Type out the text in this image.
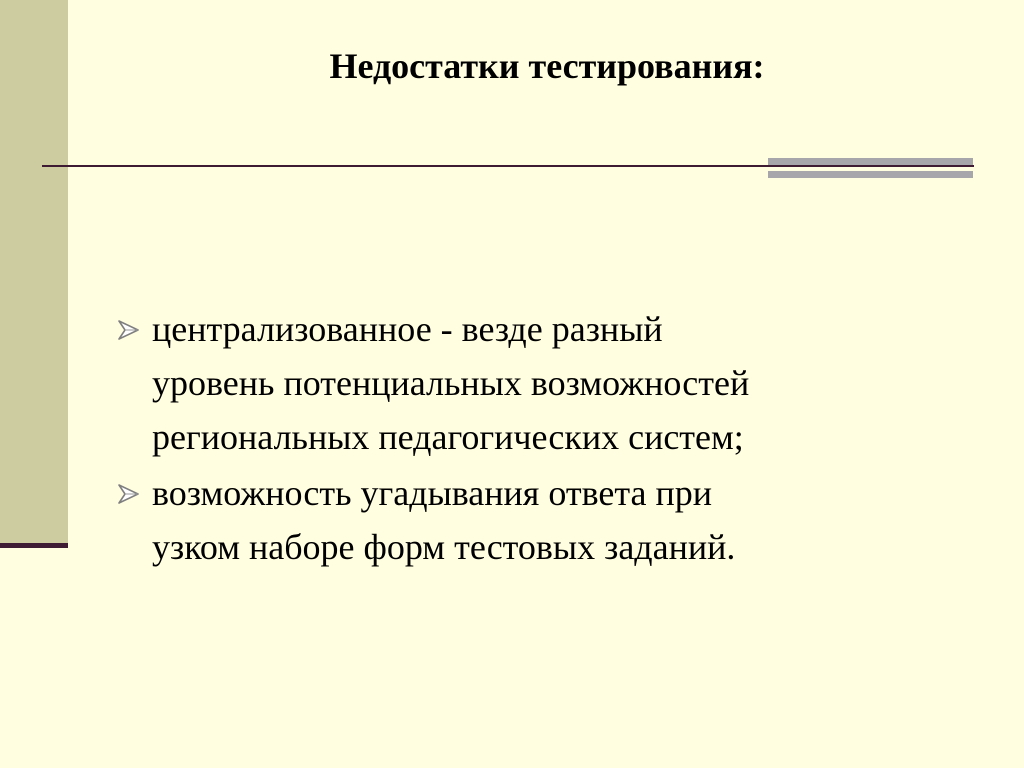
Недостатки тестирования:
централизованное - везде разный
уровень потенциальных возможностей
региональных педагогических систем;
возможность угадывания ответа при
узком наборе форм тестовых заданий.
